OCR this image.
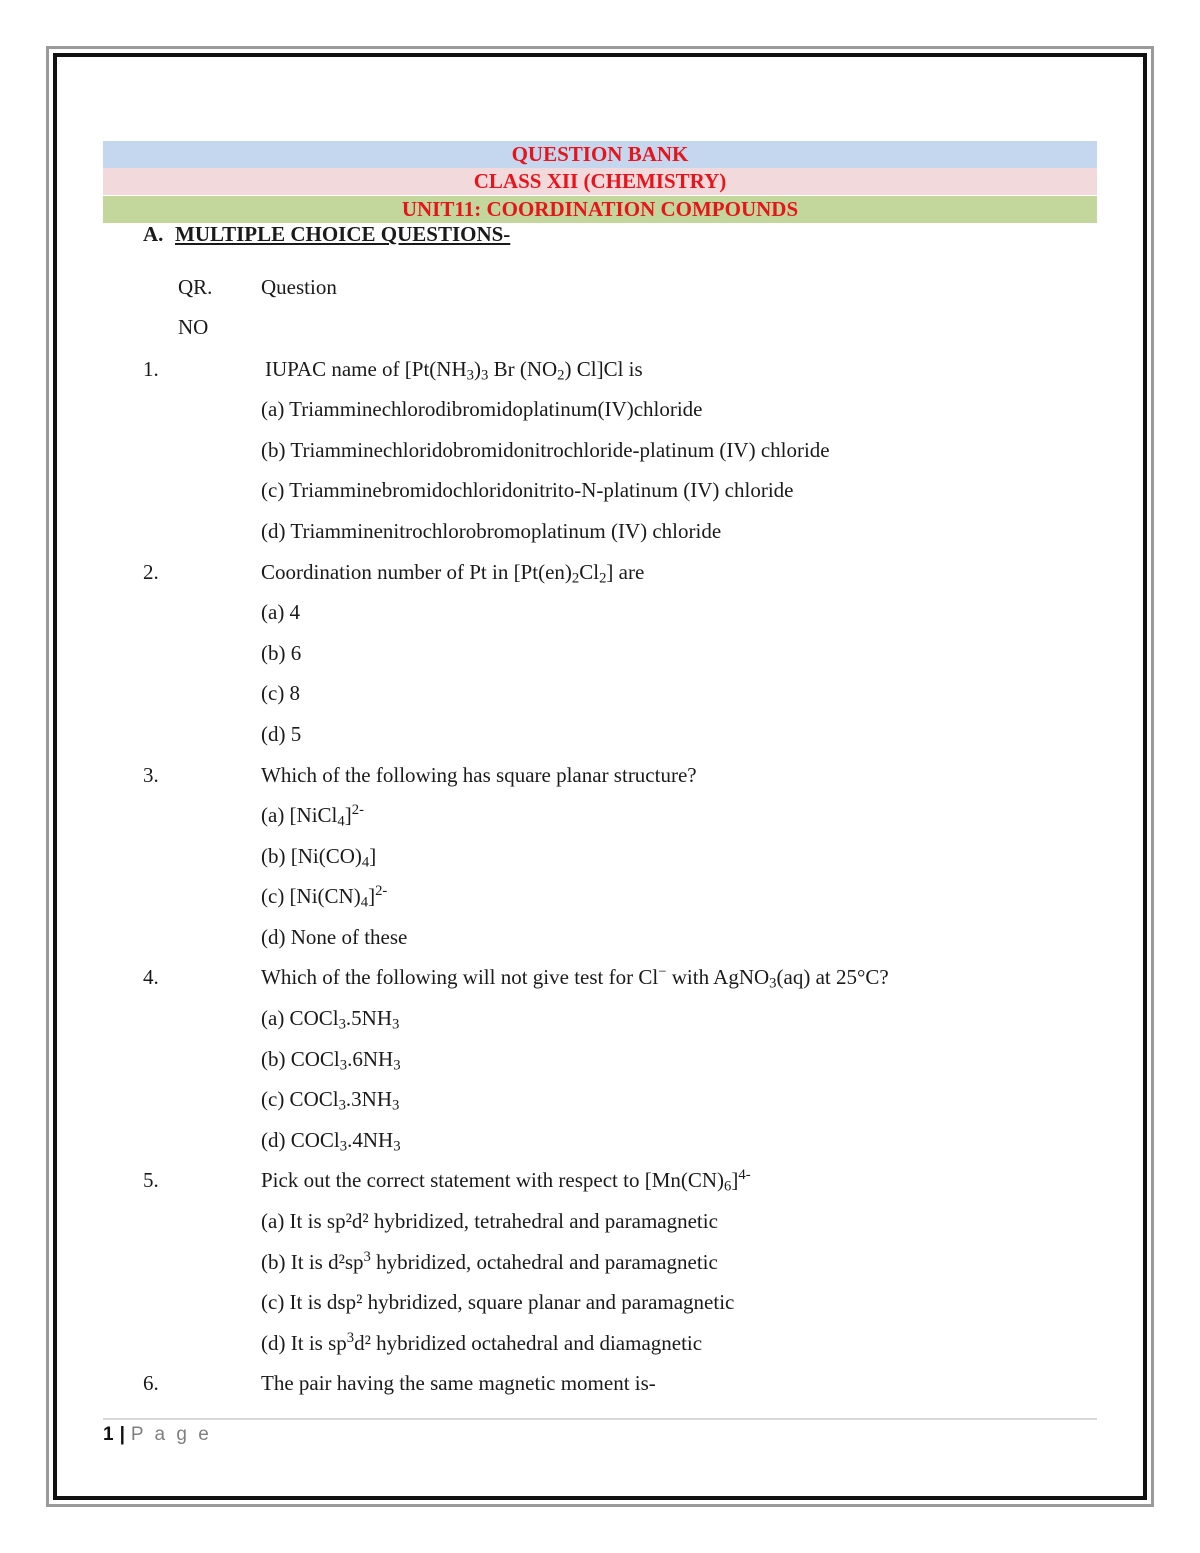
QUESTION BANK
CLASS XII (CHEMISTRY)
UNIT11: COORDINATION COMPOUNDS
A. MULTIPLE CHOICE QUESTIONS-
QR. Question
NO
1.	IUPAC name of [$Pt(NH_3)_3$ Br $(NO_2)$ Cl]Cl is
(a) Triamminechlorodibromidoplatinum(IV)chloride
(b) Triamminechloridobromidonitrochloride-platinum (IV) chloride
(c) Triamminebromidochloridonitrito-N-platinum (IV) chloride
(d) Triamminenitrochlorobromoplatinum (IV) chloride
2.	Coordination number of Pt in $[Pt(en)_2Cl_2]$ are
(a) 4
(b) 6
(c) 8
(d) 5
3.	Which of the following has square planar structure?
(a) [NiCl$_4$]$^{2-}$
(b) $[Ni(CO)_4]$
(c) $[Ni(CN)_4]^{2-}$
(d) None of these
4.	Which of the following will not give test for Cl− with AgNO$_3$(aq) at 25°C?
(a) $COCl_3.5NH_3$
(b) $COCl_3.6NH_3$
(c) $COCl_3.3NH_3$
(d) $COCl_3.4NH_3$
5.	Pick out the correct statement with respect to $[Mn(CN)_6]^{4-}$
(a) It is sp²d² hybridized, tetrahedral and paramagnetic
(b) It is $d^2sp^3$ hybridized, octahedral and paramagnetic
(c) It is dsp² hybridized, square planar and paramagnetic
(d) It is $sp^3d^2$ hybridized octahedral and diamagnetic
6.	The pair having the same magnetic moment is-
1 | P a g e
